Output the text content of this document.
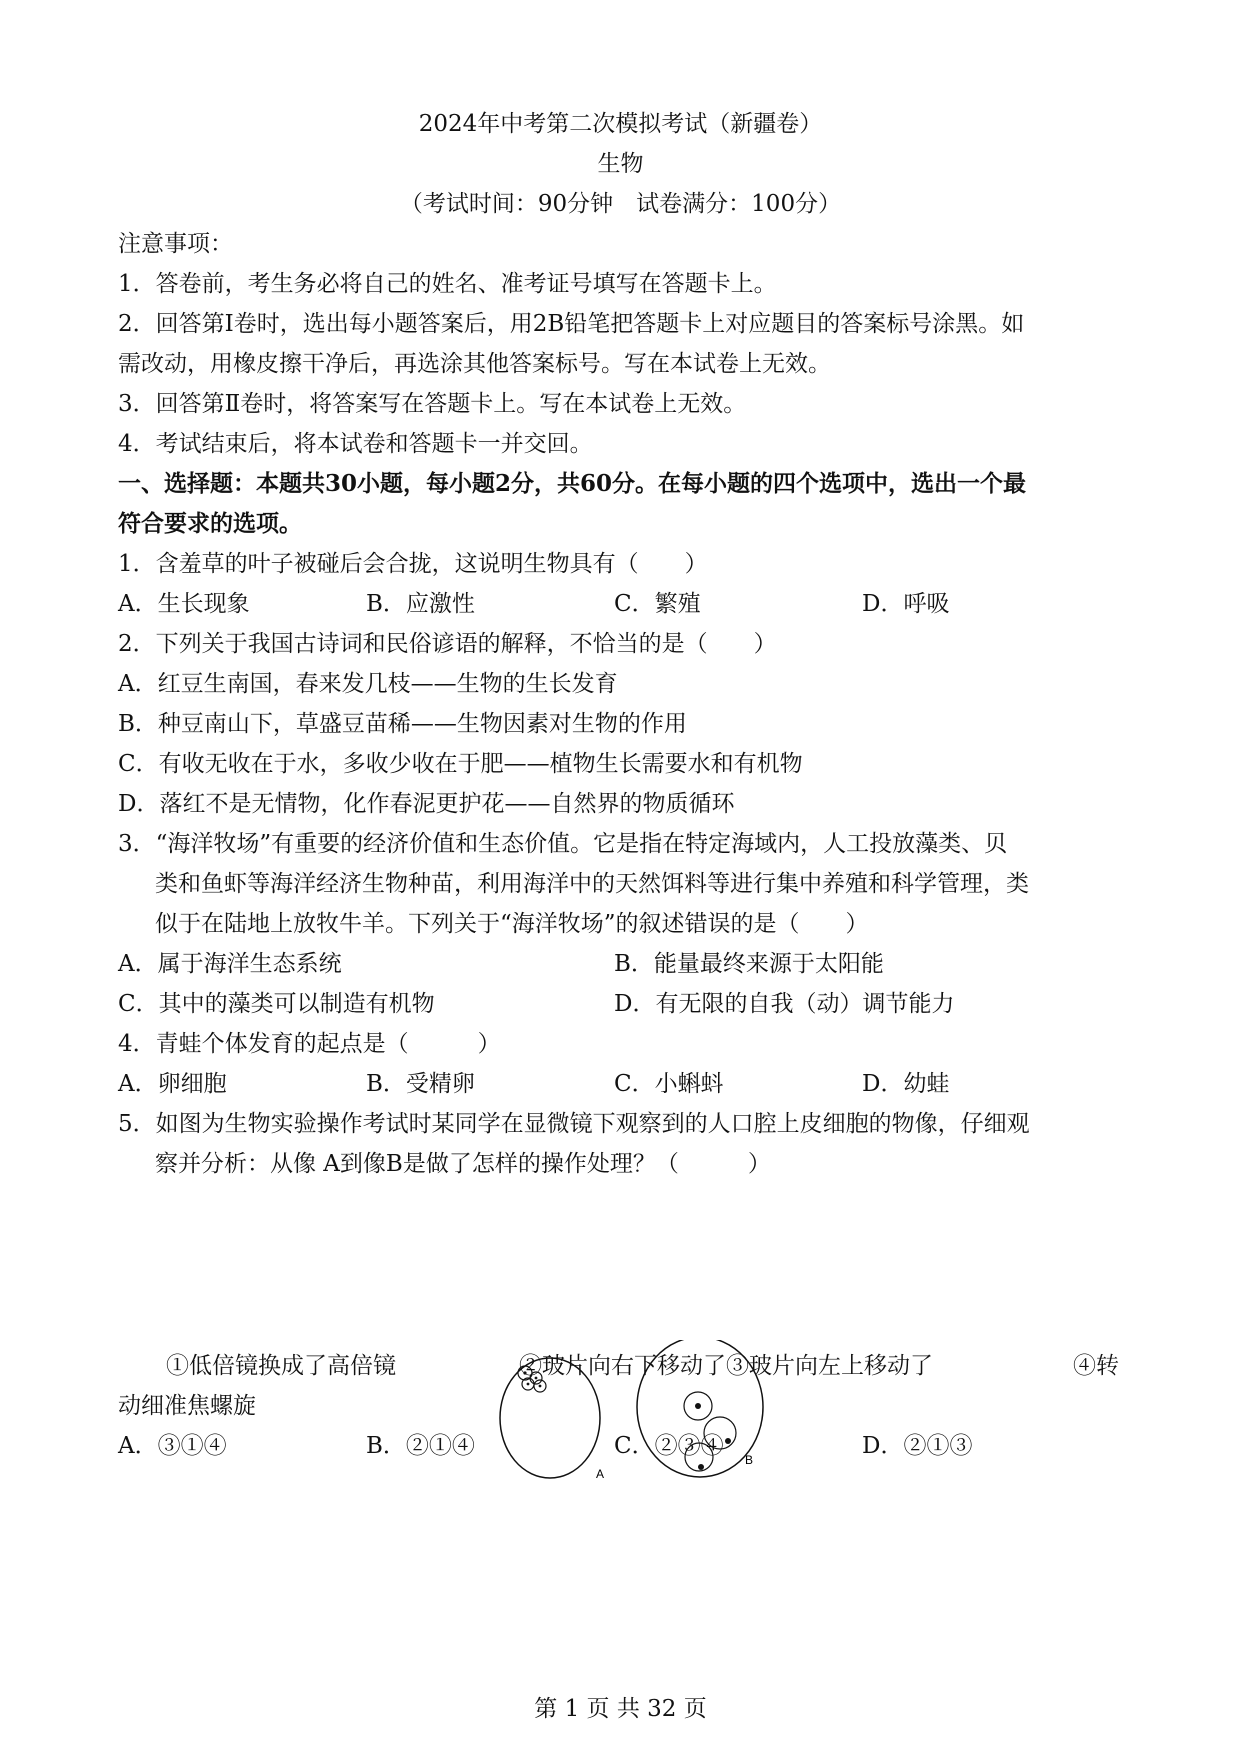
2024年中考第二次模拟考试（新疆卷）
生物
（考试时间：90分钟　试卷满分：100分）
注意事项：
1．答卷前，考生务必将自己的姓名、准考证号填写在答题卡上。
2．回答第Ⅰ卷时，选出每小题答案后，用2B铅笔把答题卡上对应题目的答案标号涂黑。如
需改动，用橡皮擦干净后，再选涂其他答案标号。写在本试卷上无效。
3．回答第Ⅱ卷时，将答案写在答题卡上。写在本试卷上无效。
4．考试结束后，将本试卷和答题卡一并交回。
一、选择题：本题共30小题，每小题2分，共60分。在每小题的四个选项中，选出一个最
符合要求的选项。
1．含羞草的叶子被碰后会合拢，这说明生物具有（　　）
A．生长现象	B．应激性	C．繁殖	D．呼吸
2．下列关于我国古诗词和民俗谚语的解释，不恰当的是（　　）
A．红豆生南国，春来发几枝——生物的生长发育
B．种豆南山下，草盛豆苗稀——生物因素对生物的作用
C．有收无收在于水，多收少收在于肥——植物生长需要水和有机物
D．落红不是无情物，化作春泥更护花——自然界的物质循环
3．“海洋牧场”有重要的经济价值和生态价值。它是指在特定海域内，人工投放藻类、贝
类和鱼虾等海洋经济生物种苗，利用海洋中的天然饵料等进行集中养殖和科学管理，类
似于在陆地上放牧牛羊。下列关于“海洋牧场”的叙述错误的是（　　）
A．属于海洋生态系统	B．能量最终来源于太阳能
C．其中的藻类可以制造有机物	D．有无限的自我（动）调节能力
4．青蛙个体发育的起点是（　　　）
A．卵细胞	B．受精卵	C．小蝌蚪	D．幼蛙
5．如图为生物实验操作考试时某同学在显微镜下观察到的人口腔上皮细胞的物像，仔细观
察并分析：从像 A到像B是做了怎样的操作处理？（　　　）
A
B
①低倍镜换成了高倍镜	②玻片向右下移动了③玻片向左上移动了	④转
动细准焦螺旋
A．③①④	B．②①④	C．②③④	D．②①③
第 1 页 共 32 页
